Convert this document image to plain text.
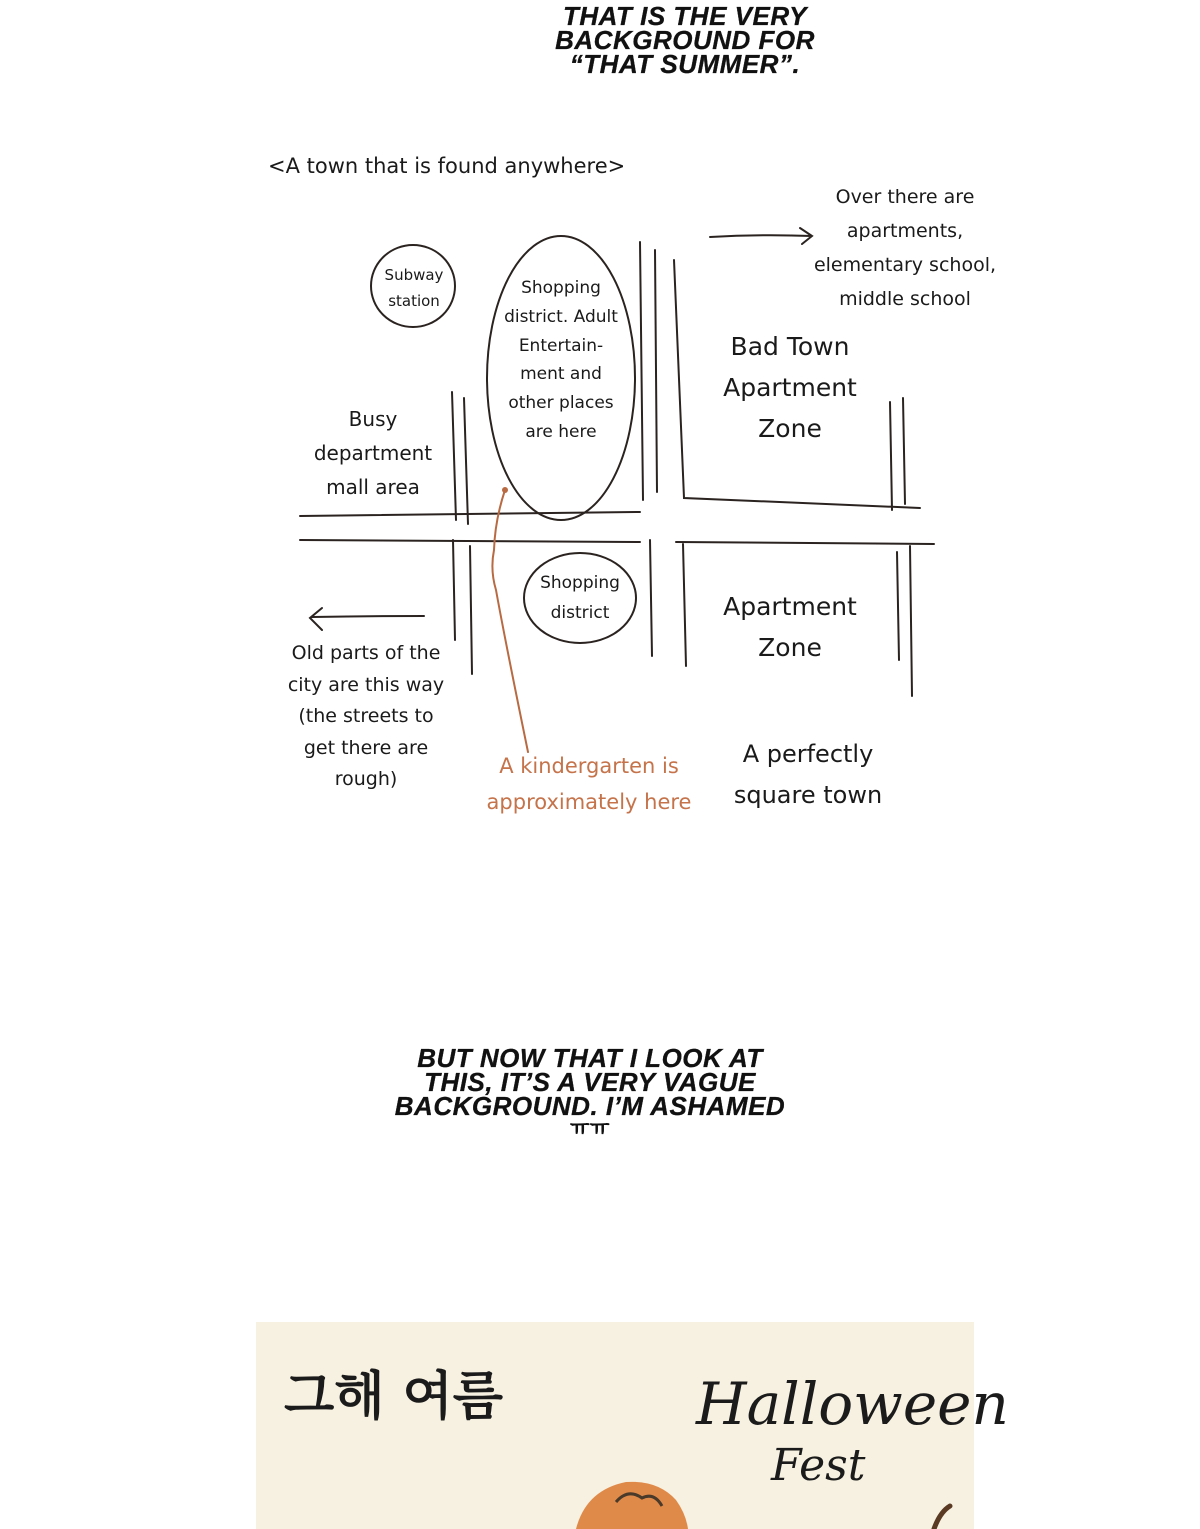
THAT IS THE VERY BACKGROUND FOR “THAT SUMMER”.
<A town that is found anywhere>
Over there are apartments, elementary school, middle school
Subway station
Shopping district. Adult Entertain- ment and other places are here
Busy department mall area
Bad Town Apartment Zone
Shopping district	Apartment Zone
Old parts of the city are this way (the streets to get there are rough)
A kindergarten is approximately here
A perfectly square town
BUT NOW THAT I LOOK AT THIS, IT’S A VERY VAGUE BACKGROUND. I’M ASHAMED
ㅠㅠ
그해 여름	Halloween
Fest
